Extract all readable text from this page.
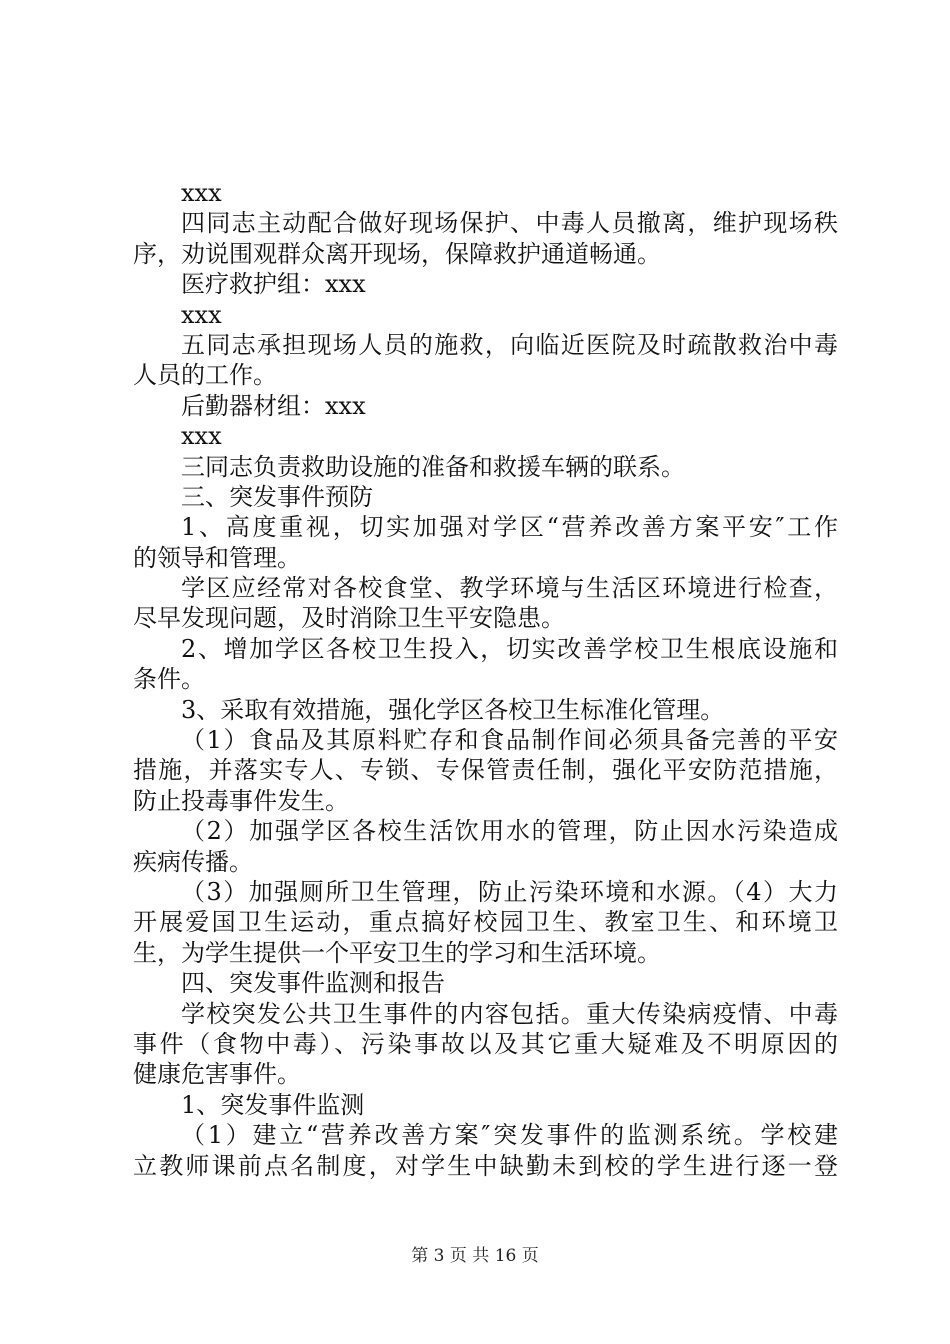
xxx
四同志主动配合做好现场保护、中毒人员撤离，维护现场秩
序，劝说围观群众离开现场，保障救护通道畅通。
医疗救护组：xxx
xxx
五同志承担现场人员的施救，向临近医院及时疏散救治中毒
人员的工作。
后勤器材组：xxx
xxx
三同志负责救助设施的准备和救援车辆的联系。
三、突发事件预防
1、高度重视，切实加强对学区“营养改善方案平安″工作
的领导和管理。
学区应经常对各校食堂、教学环境与生活区环境进行检查，
尽早发现问题，及时消除卫生平安隐患。
2、增加学区各校卫生投入，切实改善学校卫生根底设施和
条件。
3、采取有效措施，强化学区各校卫生标准化管理。
（1）食品及其原料贮存和食品制作间必须具备完善的平安
措施，并落实专人、专锁、专保管责任制，强化平安防范措施，
防止投毒事件发生。
（2）加强学区各校生活饮用水的管理，防止因水污染造成
疾病传播。
（3）加强厕所卫生管理，防止污染环境和水源。（4）大力
开展爱国卫生运动，重点搞好校园卫生、教室卫生、和环境卫
生，为学生提供一个平安卫生的学习和生活环境。
四、突发事件监测和报告
学校突发公共卫生事件的内容包括。重大传染病疫情、中毒
事件（食物中毒）、污染事故以及其它重大疑难及不明原因的
健康危害事件。
1、突发事件监测
（1）建立“营养改善方案″突发事件的监测系统。学校建
立教师课前点名制度，对学生中缺勤未到校的学生进行逐一登
第 3 页 共 16 页
